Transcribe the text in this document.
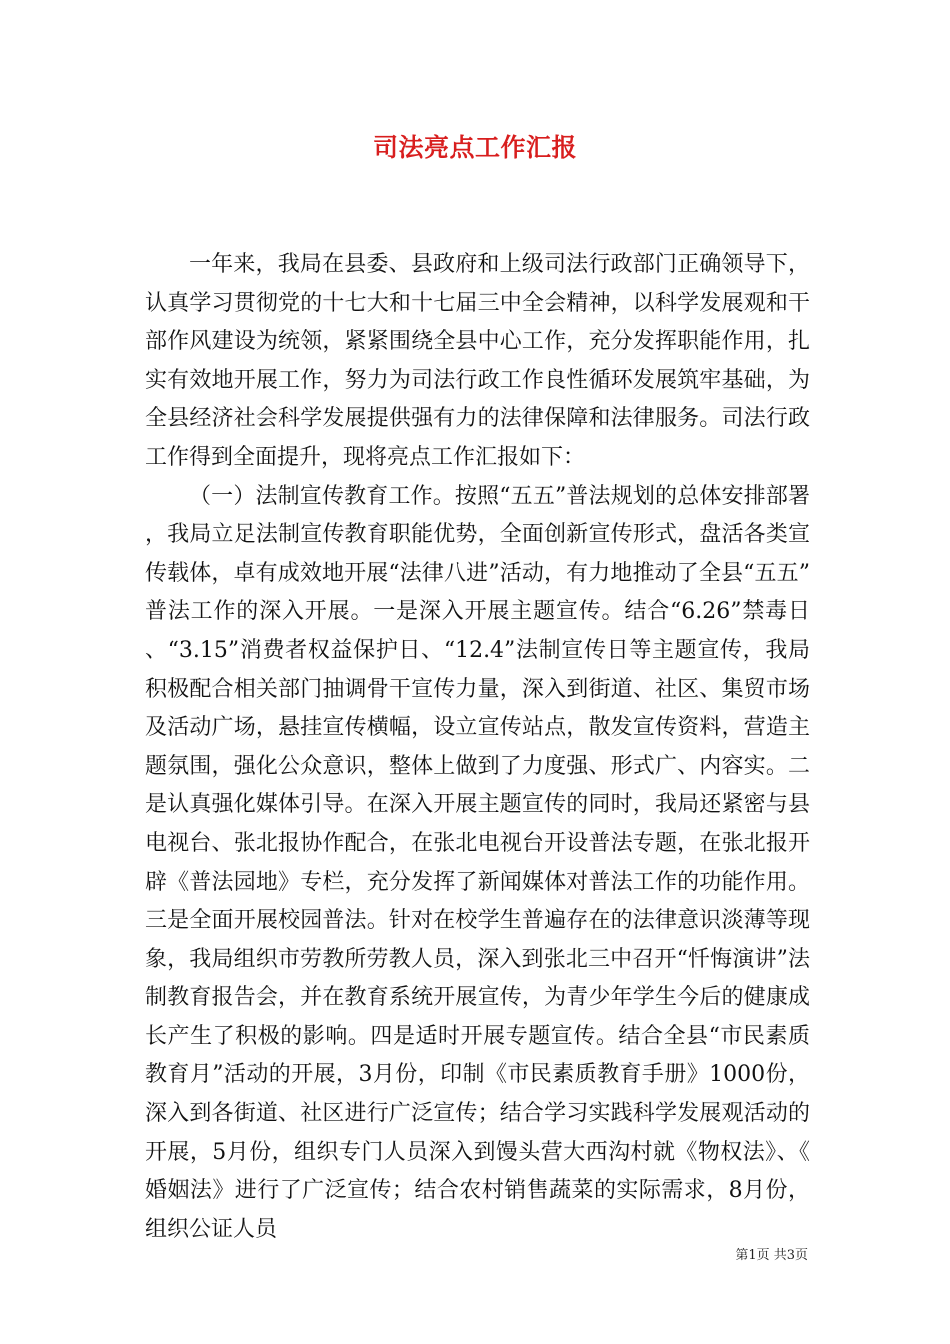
司法亮点工作汇报

一年来，我局在县委、县政府和上级司法行政部门正确领导下，认真学习贯彻党的十七大和十七届三中全会精神，以科学发展观和干部作风建设为统领，紧紧围绕全县中心工作，充分发挥职能作用，扎实有效地开展工作，努力为司法行政工作良性循环发展筑牢基础，为全县经济社会科学发展提供强有力的法律保障和法律服务。司法行政工作得到全面提升，现将亮点工作汇报如下：

（一）法制宣传教育工作。按照“五五”普法规划的总体安排部署，我局立足法制宣传教育职能优势，全面创新宣传形式，盘活各类宣传载体，卓有成效地开展“法律八进”活动，有力地推动了全县“五五”普法工作的深入开展。一是深入开展主题宣传。结合“6.26”禁毒日、“3.15”消费者权益保护日、“12.4”法制宣传日等主题宣传，我局积极配合相关部门抽调骨干宣传力量，深入到街道、社区、集贸市场及活动广场，悬挂宣传横幅，设立宣传站点，散发宣传资料，营造主题氛围，强化公众意识，整体上做到了力度强、形式广、内容实。二是认真强化媒体引导。在深入开展主题宣传的同时，我局还紧密与县电视台、张北报协作配合，在张北电视台开设普法专题，在张北报开辟《普法园地》专栏，充分发挥了新闻媒体对普法工作的功能作用。三是全面开展校园普法。针对在校学生普遍存在的法律意识淡薄等现象，我局组织市劳教所劳教人员，深入到张北三中召开“忏悔演讲”法制教育报告会，并在教育系统开展宣传，为青少年学生今后的健康成长产生了积极的影响。四是适时开展专题宣传。结合全县“市民素质教育月”活动的开展，3月份，印制《市民素质教育手册》1000份，深入到各街道、社区进行广泛宣传；结合学习实践科学发展观活动的开展，5月份，组织专门人员深入到馒头营大西沟村就《物权法》、《婚姻法》进行了广泛宣传；结合农村销售蔬菜的实际需求，8月份，组织公证人员

第1页 共3页
